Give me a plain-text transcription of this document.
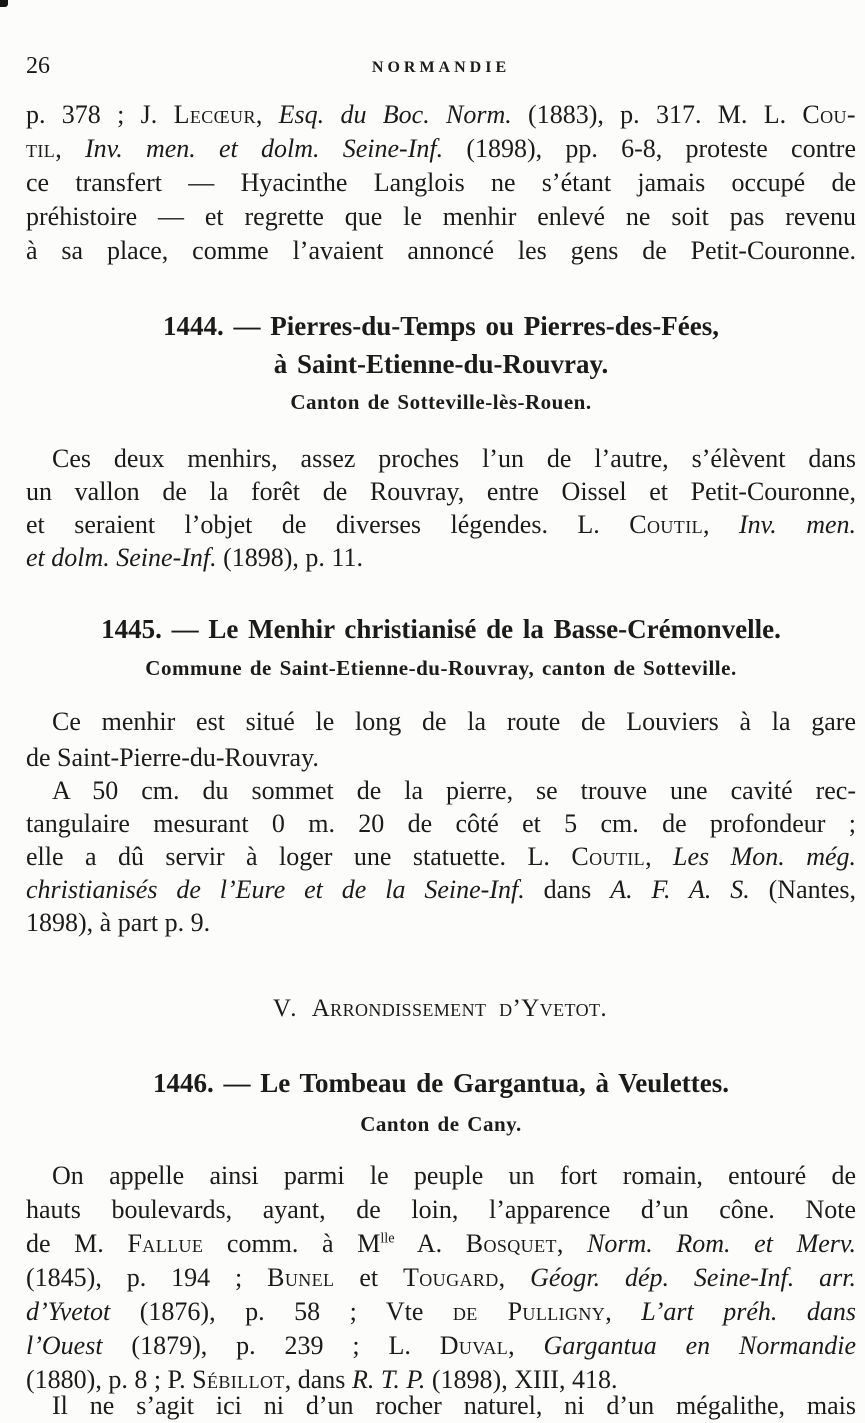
26	NORMANDIE
p. 378 ; J. Lecœur, Esq. du Boc. Norm. (1883), p. 317. M. L. Cou-
til, Inv. men. et dolm. Seine-Inf. (1898), pp. 6-8, proteste contre
ce transfert — Hyacinthe Langlois ne s’étant jamais occupé de
préhistoire — et regrette que le menhir enlevé ne soit pas revenu
à sa place, comme l’avaient annoncé les gens de Petit-Couronne.
1444. — Pierres-du-Temps ou Pierres-des-Fées,
à Saint-Etienne-du-Rouvray.
Canton de Sotteville-lès-Rouen.
Ces deux menhirs, assez proches l’un de l’autre, s’élèvent dans
un vallon de la forêt de Rouvray, entre Oissel et Petit-Couronne,
et seraient l’objet de diverses légendes. L. Coutil, Inv. men.
et dolm. Seine-Inf. (1898), p. 11.
1445. — Le Menhir christianisé de la Basse-Crémonvelle.
Commune de Saint-Etienne-du-Rouvray, canton de Sotteville.
Ce menhir est situé le long de la route de Louviers à la gare
de Saint-Pierre-du-Rouvray.
A 50 cm. du sommet de la pierre, se trouve une cavité rec-
tangulaire mesurant 0 m. 20 de côté et 5 cm. de profondeur ;
elle a dû servir à loger une statuette. L. Coutil, Les Mon. még.
christianisés de l’Eure et de la Seine-Inf. dans A. F. A. S. (Nantes,
1898), à part p. 9.
V. Arrondissement d’Yvetot.
1446. — Le Tombeau de Gargantua, à Veulettes.
Canton de Cany.
On appelle ainsi parmi le peuple un fort romain, entouré de
hauts boulevards, ayant, de loin, l’apparence d’un cône. Note
de M. Fallue comm. à $M^{lle}$ A. Bosquet, Norm. Rom. et Merv.
(1845), p. 194 ; Bunel et Tougard, Géogr. dép. Seine-Inf. arr.
d’Yvetot (1876), p. 58 ; Vte de Pulligny, L’art préh. dans
l’Ouest (1879), p. 239 ; L. Duval, Gargantua en Normandie
(1880), p. 8 ; P. Sébillot, dans R. T. P. (1898), XIII, 418.
Il ne s’agit ici ni d’un rocher naturel, ni d’un mégalithe, mais
